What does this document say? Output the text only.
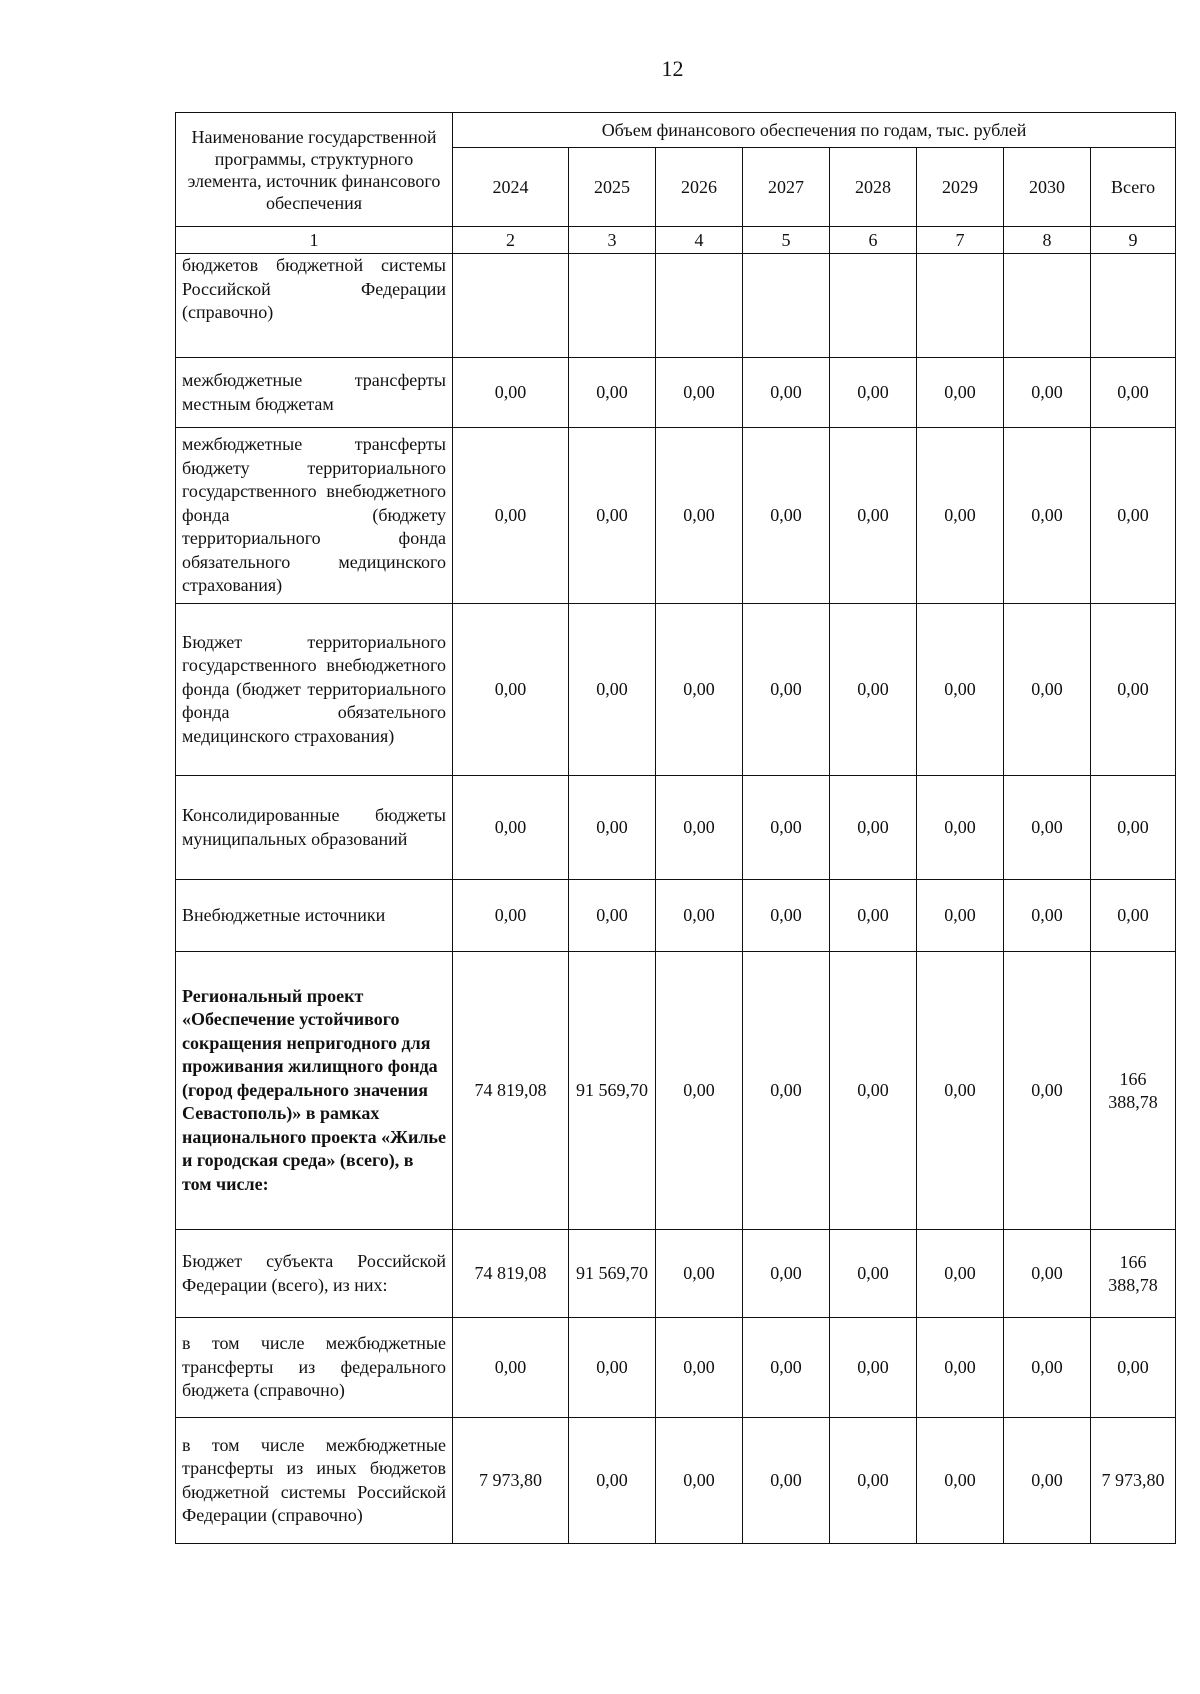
12
Наименование государственной программы, структурного элемента, источник финансового обеспечения	Объем финансового обеспечения по годам, тыс. рублей							
	2024	2025	2026	2027	2028	2029	2030	Всего
1	2	3	4	5	6	7	8	9
бюджетов бюджетной системы Российской Федерации (справочно)								
межбюджетные трансферты местным бюджетам	0,00	0,00	0,00	0,00	0,00	0,00	0,00	0,00
межбюджетные трансферты бюджету территориального государственного внебюджетного фонда (бюджету территориального фонда обязательного медицинского страхования)	0,00	0,00	0,00	0,00	0,00	0,00	0,00	0,00
Бюджет территориального государственного внебюджетного фонда (бюджет территориального фонда обязательного медицинского страхования)	0,00	0,00	0,00	0,00	0,00	0,00	0,00	0,00
Консолидированные бюджеты муниципальных образований	0,00	0,00	0,00	0,00	0,00	0,00	0,00	0,00
Внебюджетные источники	0,00	0,00	0,00	0,00	0,00	0,00	0,00	0,00
Региональный проект «Обеспечение устойчивого сокращения непригодного для проживания жилищного фонда (город федерального значения Севастополь)» в рамках национального проекта «Жилье и городская среда» (всего), в том числе:	74 819,08	91 569,70	0,00	0,00	0,00	0,00	0,00	166 388,78
Бюджет субъекта Российской Федерации (всего), из них:	74 819,08	91 569,70	0,00	0,00	0,00	0,00	0,00	166 388,78
в том числе межбюджетные трансферты из федерального бюджета (справочно)	0,00	0,00	0,00	0,00	0,00	0,00	0,00	0,00
в том числе межбюджетные трансферты из иных бюджетов бюджетной системы Российской Федерации (справочно)	7 973,80	0,00	0,00	0,00	0,00	0,00	0,00	7 973,80
